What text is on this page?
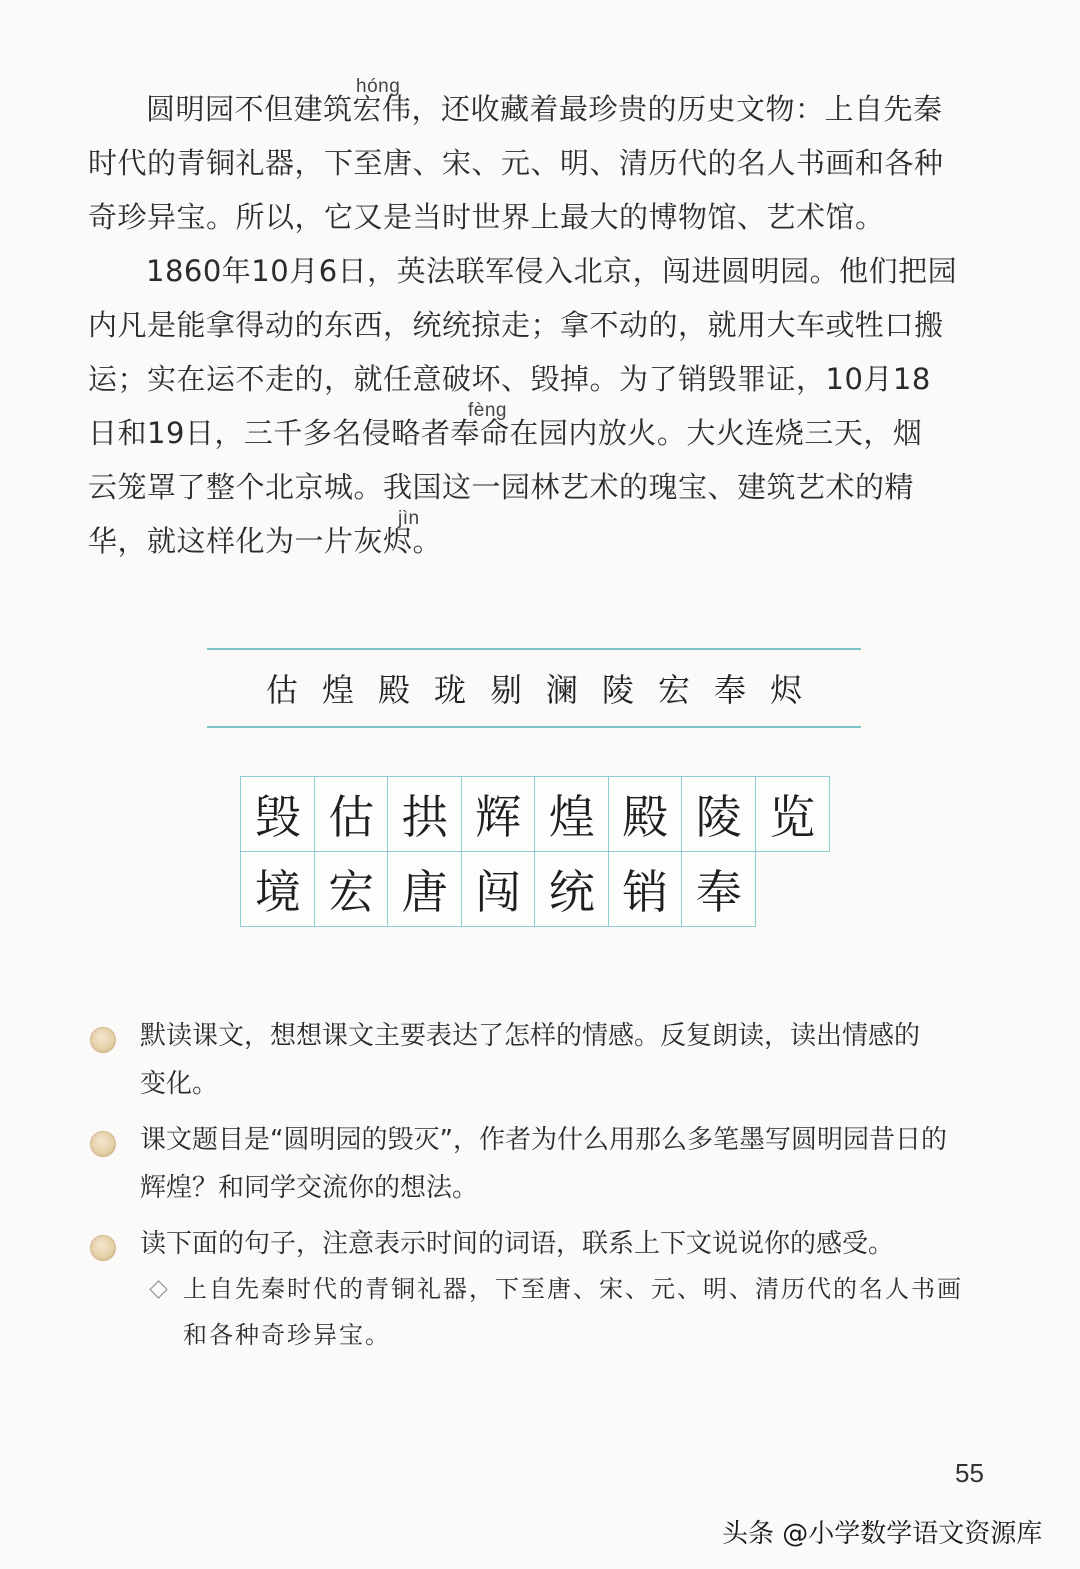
hóng
圆明园不但建筑宏伟，还收藏着最珍贵的历史文物：上自先秦
时代的青铜礼器，下至唐、宋、元、明、清历代的名人书画和各种
奇珍异宝。所以，它又是当时世界上最大的博物馆、艺术馆。
1860年10月6日，英法联军侵入北京，闯进圆明园。他们把园
内凡是能拿得动的东西，统统掠走；拿不动的，就用大车或牲口搬
运；实在运不走的，就任意破坏、毁掉。为了销毁罪证，10月18
fèng
日和19日，三千多名侵略者奉命在园内放火。大火连烧三天，烟
云笼罩了整个北京城。我国这一园林艺术的瑰宝、建筑艺术的精
jìn
华，就这样化为一片灰烬。
估 煌 殿 珑 剔 澜 陵 宏 奉 烬
毁 估 拱 辉 煌 殿 陵 览
境 宏 唐 闯 统 销 奉
默读课文，想想课文主要表达了怎样的情感。反复朗读，读出情感的
变化。
课文题目是“圆明园的毁灭”，作者为什么用那么多笔墨写圆明园昔日的
辉煌？和同学交流你的想法。
读下面的句子，注意表示时间的词语，联系上下文说说你的感受。
上自先秦时代的青铜礼器，下至唐、宋、元、明、清历代的名人书画
和各种奇珍异宝。
55
头条 @小学数学语文资源库
